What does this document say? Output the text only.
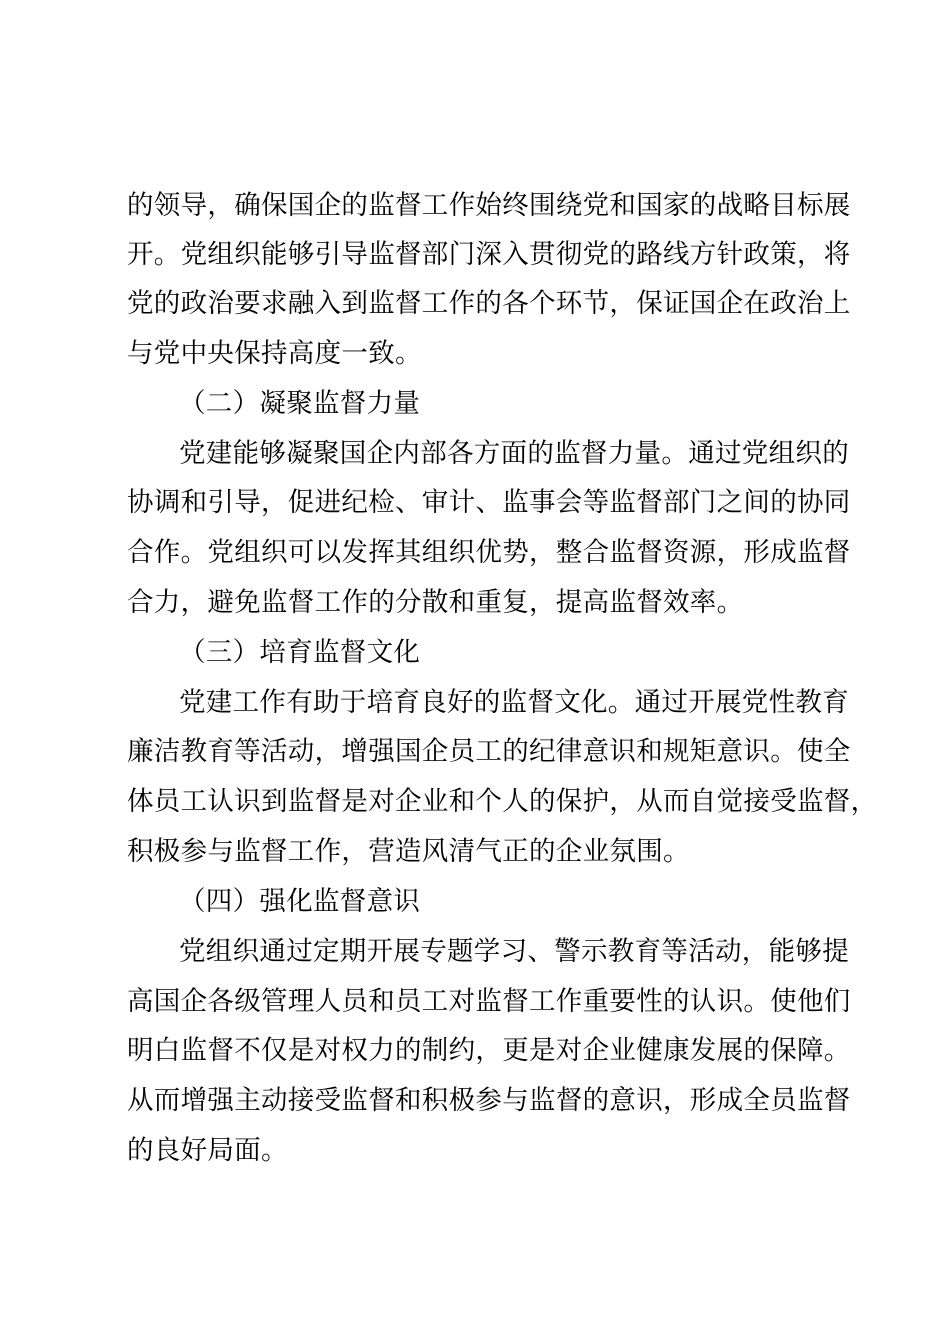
的领导，确保国企的监督工作始终围绕党和国家的战略目标展
开。党组织能够引导监督部门深入贯彻党的路线方针政策，将
党的政治要求融入到监督工作的各个环节，保证国企在政治上
与党中央保持高度一致。
（二）凝聚监督力量
党建能够凝聚国企内部各方面的监督力量。通过党组织的
协调和引导，促进纪检、审计、监事会等监督部门之间的协同
合作。党组织可以发挥其组织优势，整合监督资源，形成监督
合力，避免监督工作的分散和重复，提高监督效率。
（三）培育监督文化
党建工作有助于培育良好的监督文化。通过开展党性教育
廉洁教育等活动，增强国企员工的纪律意识和规矩意识。使全
体员工认识到监督是对企业和个人的保护，从而自觉接受监督，
积极参与监督工作，营造风清气正的企业氛围。
（四）强化监督意识
党组织通过定期开展专题学习、警示教育等活动，能够提
高国企各级管理人员和员工对监督工作重要性的认识。使他们
明白监督不仅是对权力的制约，更是对企业健康发展的保障。
从而增强主动接受监督和积极参与监督的意识，形成全员监督
的良好局面。
